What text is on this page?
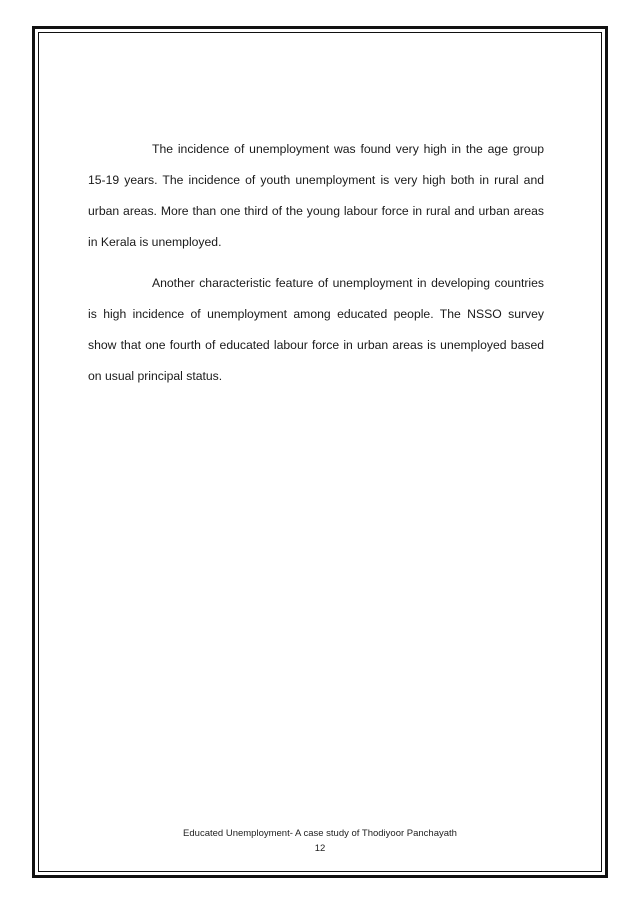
The incidence of unemployment was found very high in the age group 15-19 years. The incidence of youth unemployment is very high both in rural and urban areas. More than one third of the young labour force in rural and urban areas in Kerala is unemployed.

Another characteristic feature of unemployment in developing countries is high incidence of unemployment among educated people. The NSSO survey show that one fourth of educated labour force in urban areas is unemployed based on usual principal status.

Educated Unemployment- A case study of Thodiyoor Panchayath
12
